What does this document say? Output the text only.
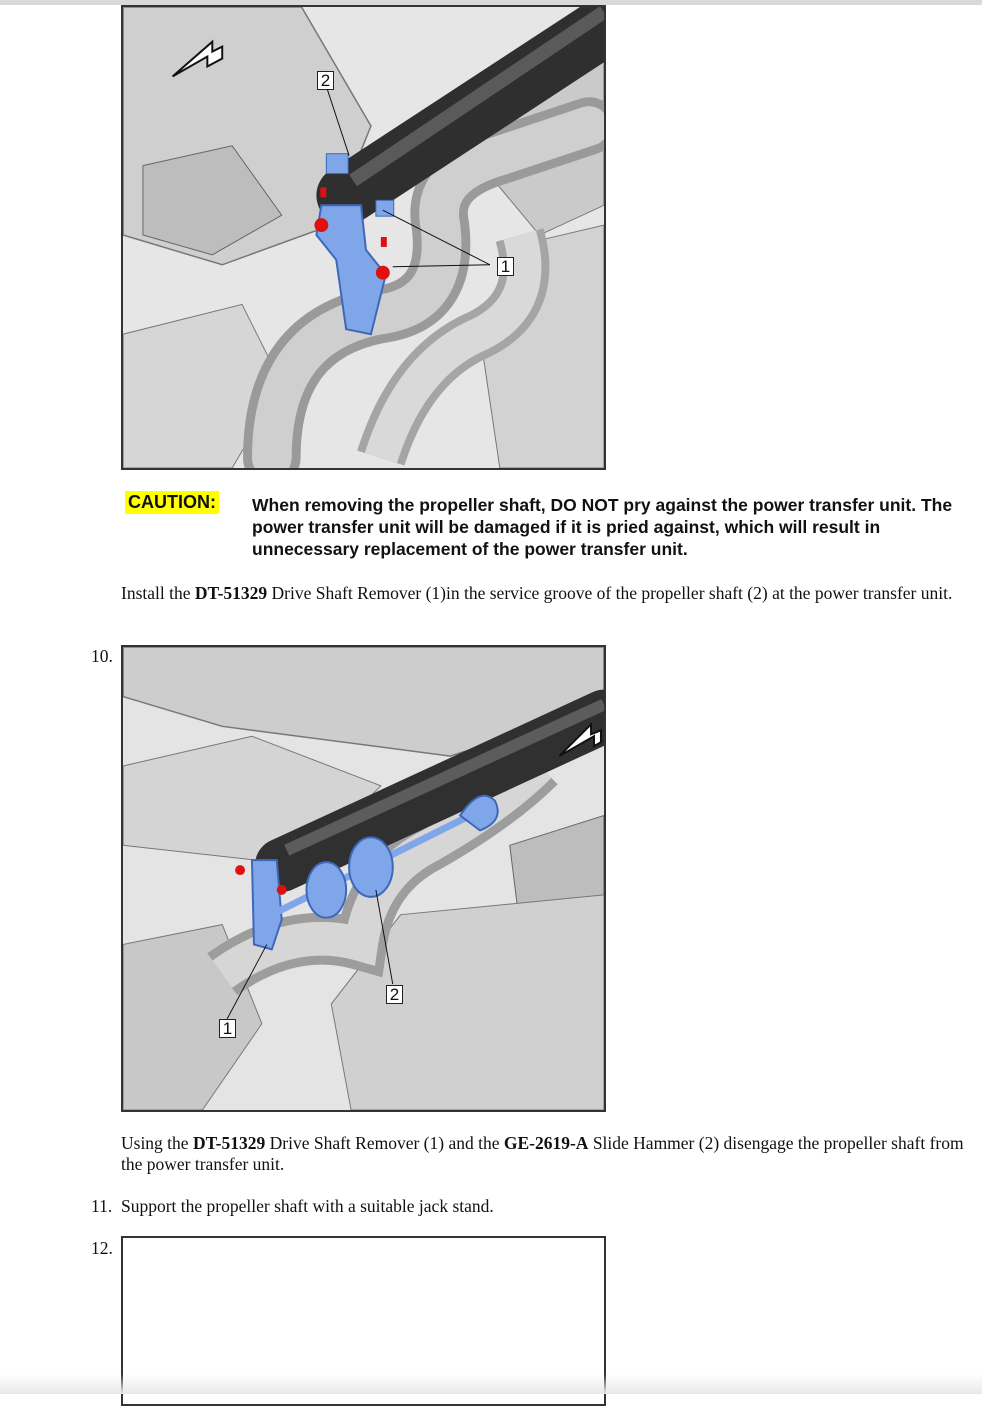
2
1
CAUTION: When removing the propeller shaft, DO NOT pry against the power transfer unit. The power transfer unit will be damaged if it is pried against, which will result in unnecessary replacement of the power transfer unit.
Install the DT-51329 Drive Shaft Remover (1)in the service groove of the propeller shaft (2) at the power transfer unit.
10.
2
1
Using the DT-51329 Drive Shaft Remover (1) and the GE-2619-A Slide Hammer (2) disengage the propeller shaft from the power transfer unit.
11. Support the propeller shaft with a suitable jack stand.
12.
